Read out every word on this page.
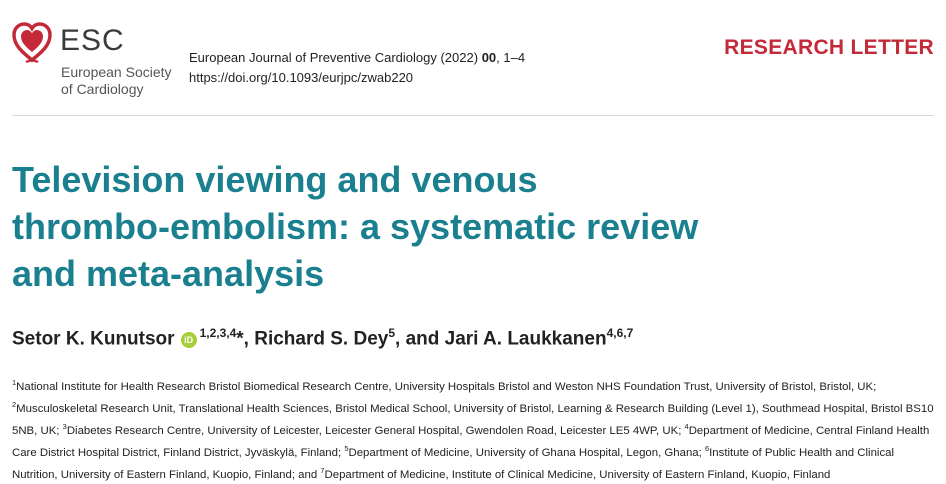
ESC
European Society
of Cardiology
European Journal of Preventive Cardiology (2022) 00, 1–4
https://doi.org/10.1093/eurjpc/zwab220
RESEARCH LETTER
Television viewing and venous
thrombo-embolism: a systematic review
and meta-analysis
Setor K. Kunutsor iD$^{1,2,3,4}$*, Richard S. Dey$^5$, and Jari A. Laukkanen$^{4,6,7}$
$^1$National Institute for Health Research Bristol Biomedical Research Centre, University Hospitals Bristol and Weston NHS Foundation Trust, University of Bristol, Bristol, UK; $^2$Musculoskeletal Research Unit, Translational Health Sciences, Bristol Medical School, University of Bristol, Learning & Research Building (Level 1), Southmead Hospital, Bristol BS10 5NB, UK; $^3$Diabetes Research Centre, University of Leicester, Leicester General Hospital, Gwendolen Road, Leicester LE5 4WP, UK; $^4$Department of Medicine, Central Finland Health Care District Hospital District, Finland District, Jyväskylä, Finland; $^5$Department of Medicine, University of Ghana Hospital, Legon, Ghana; $^6$Institute of Public Health and Clinical Nutrition, University of Eastern Finland, Kuopio, Finland; and $^7$Department of Medicine, Institute of Clinical Medicine, University of Eastern Finland, Kuopio, Finland
